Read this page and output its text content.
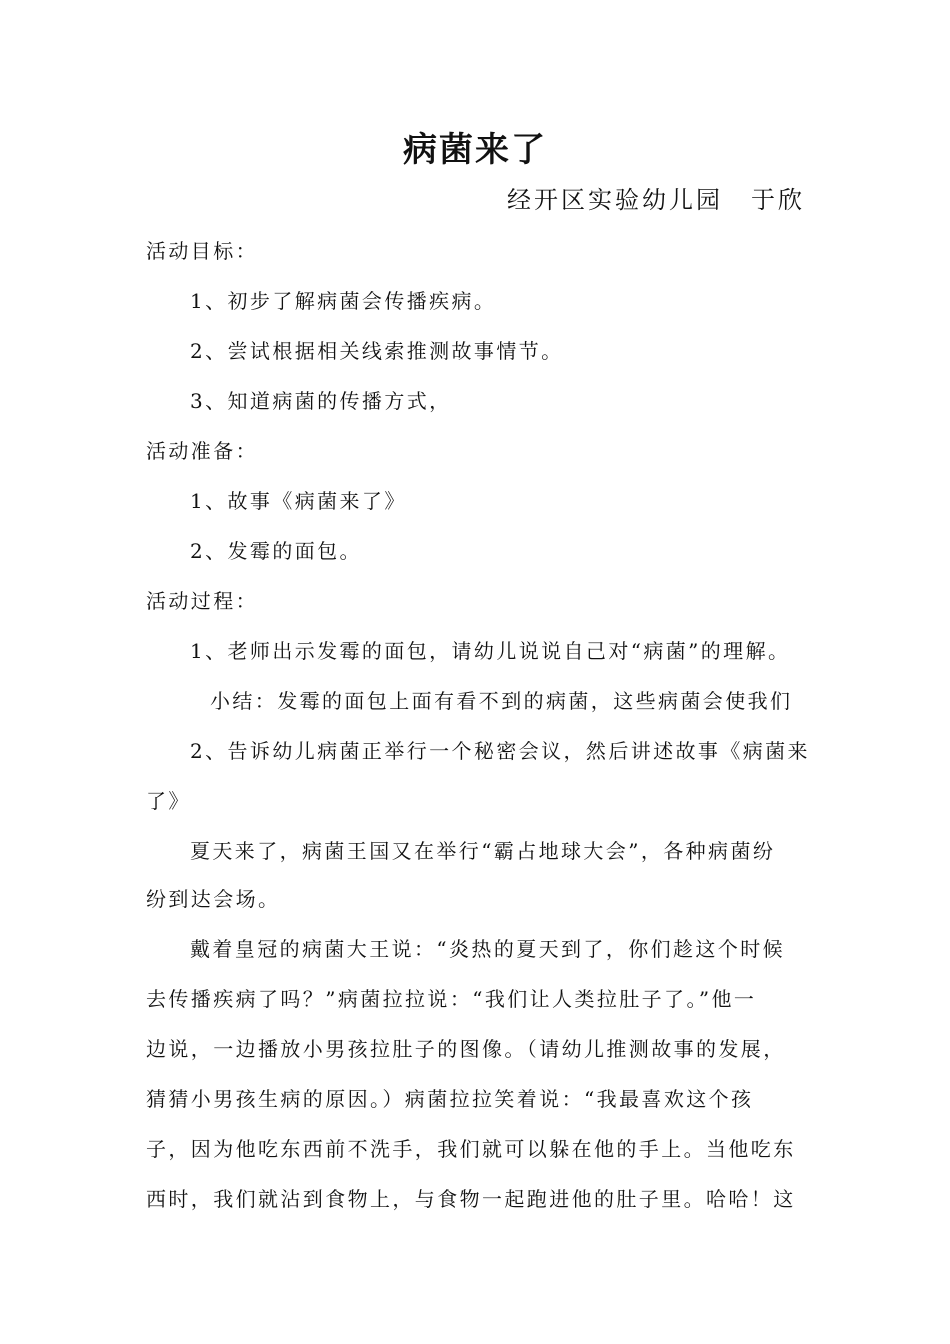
病菌来了
经开区实验幼儿园 于欣
活动目标：
1、初步了解病菌会传播疾病。
2、尝试根据相关线索推测故事情节。
3、知道病菌的传播方式，
活动准备：
1、故事《病菌来了》
2、发霉的面包。
活动过程：
1、老师出示发霉的面包，请幼儿说说自己对“病菌”的理解。
小结：发霉的面包上面有看不到的病菌，这些病菌会使我们
2、告诉幼儿病菌正举行一个秘密会议，然后讲述故事《病菌来
了》
夏天来了，病菌王国又在举行“霸占地球大会”，各种病菌纷
纷到达会场。
戴着皇冠的病菌大王说：“炎热的夏天到了，你们趁这个时候
去传播疾病了吗？”病菌拉拉说：“我们让人类拉肚子了。”他一
边说，一边播放小男孩拉肚子的图像。（请幼儿推测故事的发展，
猜猜小男孩生病的原因。）病菌拉拉笑着说：“我最喜欢这个孩
子，因为他吃东西前不洗手，我们就可以躲在他的手上。当他吃东
西时，我们就沾到食物上，与食物一起跑进他的肚子里。哈哈！这
